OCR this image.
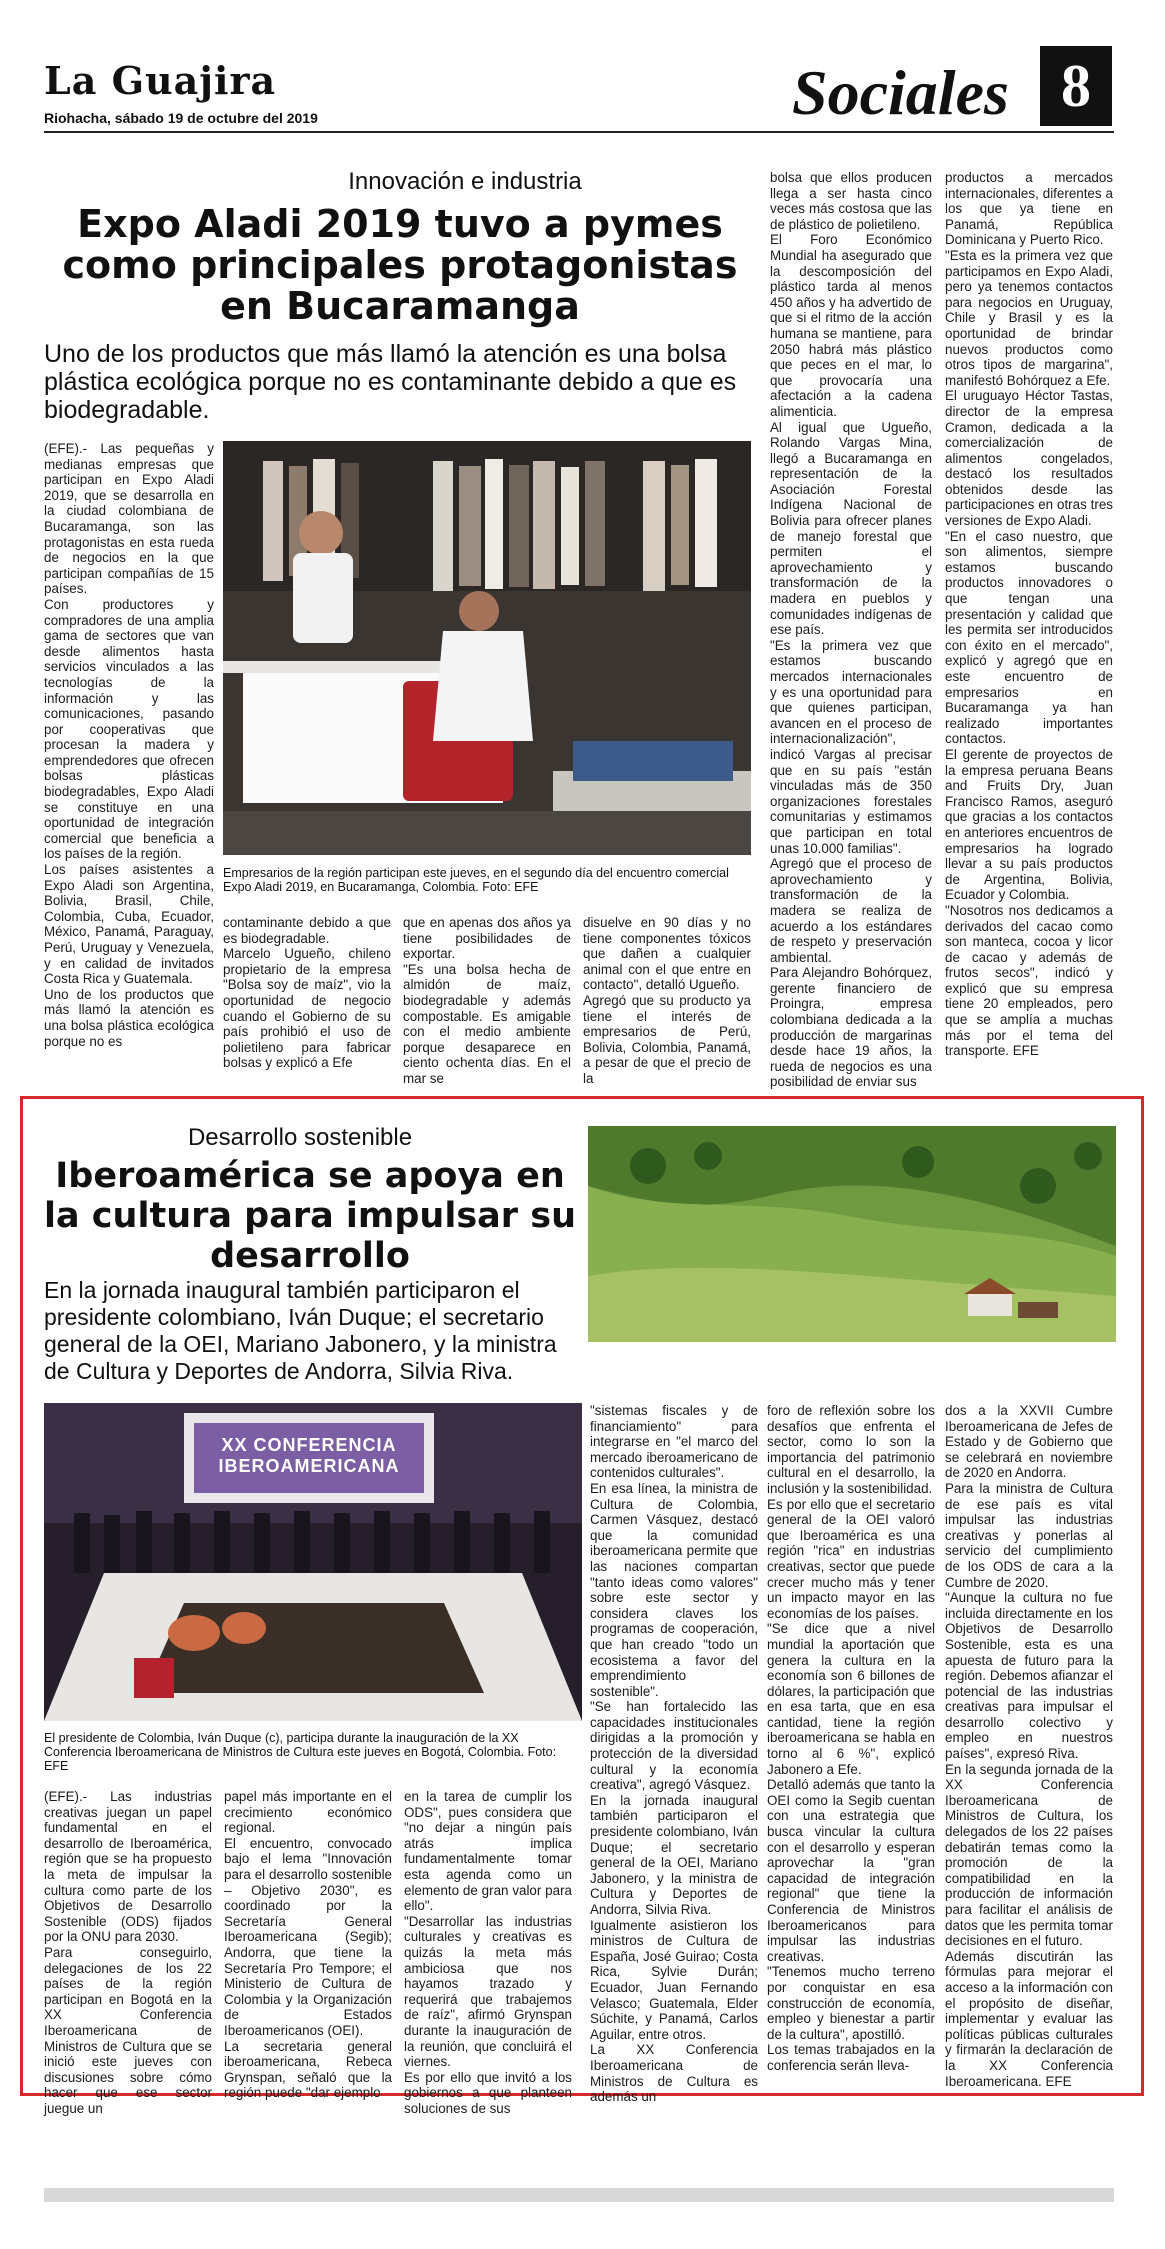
La Guajira
Riohacha, sábado 19 de octubre del 2019	Sociales 8
Innovación e industria
Expo Aladi 2019 tuvo a pymes como principales protagonistas en Bucaramanga
Uno de los productos que más llamó la atención es una bolsa plástica ecológica porque no es contaminante debido a que es biodegradable.
Empresarios de la región participan este jueves, en el segundo día del encuentro comercial Expo Aladi 2019, en Bucaramanga, Colombia. Foto: EFE
(EFE).- Las pequeñas y medianas empresas que participan en Expo Aladi 2019, que se desarrolla en la ciudad colombiana de Bucaramanga, son las protagonistas en esta rueda de negocios en la que participan compañías de 15 países.
Con productores y compradores de una amplia gama de sectores que van desde alimentos hasta servicios vinculados a las tecnologías de la información y las comunicaciones, pasando por cooperativas que procesan la madera y emprendedores que ofrecen bolsas plásticas biodegradables, Expo Aladi se constituye en una oportunidad de integración comercial que beneficia a los países de la región.
Los países asistentes a Expo Aladi son Argentina, Bolivia, Brasil, Chile, Colombia, Cuba, Ecuador, México, Panamá, Paraguay, Perú, Uruguay y Venezuela, y en calidad de invitados Costa Rica y Guatemala.
Uno de los productos que más llamó la atención es una bolsa plástica ecológica porque no es
contaminante debido a que es biodegradable.
Marcelo Ugueño, chileno propietario de la empresa "Bolsa soy de maíz", vio la oportunidad de negocio cuando el Gobierno de su país prohibió el uso de polietileno para fabricar bolsas y explicó a Efe
que en apenas dos años ya tiene posibilidades de exportar.
"Es una bolsa hecha de almidón de maíz, biodegradable y además compostable. Es amigable con el medio ambiente porque desaparece en ciento ochenta días. En el mar se
disuelve en 90 días y no tiene componentes tóxicos que dañen a cualquier animal con el que entre en contacto", detalló Ugueño.
Agregó que su producto ya tiene el interés de empresarios de Perú, Bolivia, Colombia, Panamá, a pesar de que el precio de la
bolsa que ellos producen llega a ser hasta cinco veces más costosa que las de plástico de polietileno.
El Foro Económico Mundial ha asegurado que la descomposición del plástico tarda al menos 450 años y ha advertido de que si el ritmo de la acción humana se mantiene, para 2050 habrá más plástico que peces en el mar, lo que provocaría una afectación a la cadena alimenticia.
Al igual que Ugueño, Rolando Vargas Mina, llegó a Bucaramanga en representación de la Asociación Forestal Indígena Nacional de Bolivia para ofrecer planes de manejo forestal que permiten el aprovechamiento y transformación de la madera en pueblos y comunidades indígenas de ese país.
"Es la primera vez que estamos buscando mercados internacionales y es una oportunidad para que quienes participan, avancen en el proceso de internacionalización", indicó Vargas al precisar que en su país "están vinculadas más de 350 organizaciones forestales comunitarias y estimamos que participan en total unas 10.000 familias".
Agregó que el proceso de aprovechamiento y transformación de la madera se realiza de acuerdo a los estándares de respeto y preservación ambiental.
Para Alejandro Bohórquez, gerente financiero de Proingra, empresa colombiana dedicada a la producción de margarinas desde hace 19 años, la rueda de negocios es una posibilidad de enviar sus
productos a mercados internacionales, diferentes a los que ya tiene en Panamá, República Dominicana y Puerto Rico.
"Esta es la primera vez que participamos en Expo Aladi, pero ya tenemos contactos para negocios en Uruguay, Chile y Brasil y es la oportunidad de brindar nuevos productos como otros tipos de margarina", manifestó Bohórquez a Efe.
El uruguayo Héctor Tastas, director de la empresa Cramon, dedicada a la comercialización de alimentos congelados, destacó los resultados obtenidos desde las participaciones en otras tres versiones de Expo Aladi.
"En el caso nuestro, que son alimentos, siempre estamos buscando productos innovadores o que tengan una presentación y calidad que les permita ser introducidos con éxito en el mercado", explicó y agregó que en este encuentro de empresarios en Bucaramanga ya han realizado importantes contactos.
El gerente de proyectos de la empresa peruana Beans and Fruits Dry, Juan Francisco Ramos, aseguró que gracias a los contactos en anteriores encuentros de empresarios ha logrado llevar a su país productos de Argentina, Bolivia, Ecuador y Colombia.
"Nosotros nos dedicamos a derivados del cacao como son manteca, cocoa y licor de cacao y además de frutos secos", indicó y explicó que su empresa tiene 20 empleados, pero que se amplía a muchas más por el tema del transporte. EFE
Desarrollo sostenible
Iberoamérica se apoya en la cultura para impulsar su desarrollo
En la jornada inaugural también participaron el presidente colombiano, Iván Duque; el secretario general de la OEI, Mariano Jabonero, y la ministra de Cultura y Deportes de Andorra, Silvia Riva.
XX CONFERENCIA IBEROAMERICANA
El presidente de Colombia, Iván Duque (c), participa durante la inauguración de la XX Conferencia Iberoamericana de Ministros de Cultura este jueves en Bogotá, Colombia. Foto: EFE
(EFE).- Las industrias creativas juegan un papel fundamental en el desarrollo de Iberoamérica, región que se ha propuesto la meta de impulsar la cultura como parte de los Objetivos de Desarrollo Sostenible (ODS) fijados por la ONU para 2030.
Para conseguirlo, delegaciones de los 22 países de la región participan en Bogotá en la XX Conferencia Iberoamericana de Ministros de Cultura que se inició este jueves con discusiones sobre cómo hacer que ese sector juegue un
papel más importante en el crecimiento económico regional.
El encuentro, convocado bajo el lema "Innovación para el desarrollo sostenible – Objetivo 2030", es coordinado por la Secretaría General Iberoamericana (Segib); Andorra, que tiene la Secretaría Pro Tempore; el Ministerio de Cultura de Colombia y la Organización de Estados Iberoamericanos (OEI).
La secretaria general iberoamericana, Rebeca Grynspan, señaló que la región puede "dar ejemplo
en la tarea de cumplir los ODS", pues considera que "no dejar a ningún país atrás implica fundamentalmente tomar esta agenda como un elemento de gran valor para ello".
"Desarrollar las industrias culturales y creativas es quizás la meta más ambiciosa que nos hayamos trazado y requerirá que trabajemos de raíz", afirmó Grynspan durante la inauguración de la reunión, que concluirá el viernes.
Es por ello que invitó a los gobiernos a que planteen soluciones de sus
"sistemas fiscales y de financiamiento" para integrarse en "el marco del mercado iberoamericano de contenidos culturales".
En esa línea, la ministra de Cultura de Colombia, Carmen Vásquez, destacó que la comunidad iberoamericana permite que las naciones compartan "tanto ideas como valores" sobre este sector y considera claves los programas de cooperación, que han creado "todo un ecosistema a favor del emprendimiento sostenible".
"Se han fortalecido las capacidades institucionales dirigidas a la promoción y protección de la diversidad cultural y la economía creativa", agregó Vásquez.
En la jornada inaugural también participaron el presidente colombiano, Iván Duque; el secretario general de la OEI, Mariano Jabonero, y la ministra de Cultura y Deportes de Andorra, Silvia Riva.
Igualmente asistieron los ministros de Cultura de España, José Guirao; Costa Rica, Sylvie Durán; Ecuador, Juan Fernando Velasco; Guatemala, Elder Súchite, y Panamá, Carlos Aguilar, entre otros.
La XX Conferencia Iberoamericana de Ministros de Cultura es además un
foro de reflexión sobre los desafíos que enfrenta el sector, como lo son la importancia del patrimonio cultural en el desarrollo, la inclusión y la sostenibilidad.
Es por ello que el secretario general de la OEI valoró que Iberoamérica es una región "rica" en industrias creativas, sector que puede crecer mucho más y tener un impacto mayor en las economías de los países.
"Se dice que a nivel mundial la aportación que genera la cultura en la economía son 6 billones de dólares, la participación que en esa tarta, que en esa cantidad, tiene la región iberoamericana se habla en torno al 6 %", explicó Jabonero a Efe.
Detalló además que tanto la OEI como la Segib cuentan con una estrategia que busca vincular la cultura con el desarrollo y esperan aprovechar la "gran capacidad de integración regional" que tiene la Conferencia de Ministros Iberoamericanos para impulsar las industrias creativas.
"Tenemos mucho terreno por conquistar en esa construcción de economía, empleo y bienestar a partir de la cultura", apostilló.
Los temas trabajados en la conferencia serán lleva-
dos a la XXVII Cumbre Iberoamericana de Jefes de Estado y de Gobierno que se celebrará en noviembre de 2020 en Andorra.
Para la ministra de Cultura de ese país es vital impulsar las industrias creativas y ponerlas al servicio del cumplimiento de los ODS de cara a la Cumbre de 2020.
"Aunque la cultura no fue incluida directamente en los Objetivos de Desarrollo Sostenible, esta es una apuesta de futuro para la región. Debemos afianzar el potencial de las industrias creativas para impulsar el desarrollo colectivo y empleo en nuestros países", expresó Riva.
En la segunda jornada de la XX Conferencia Iberoamericana de Ministros de Cultura, los delegados de los 22 países debatirán temas como la promoción de la compatibilidad en la producción de información para facilitar el análisis de datos que les permita tomar decisiones en el futuro.
Además discutirán las fórmulas para mejorar el acceso a la información con el propósito de diseñar, implementar y evaluar las políticas públicas culturales y firmarán la declaración de la XX Conferencia Iberoamericana. EFE
